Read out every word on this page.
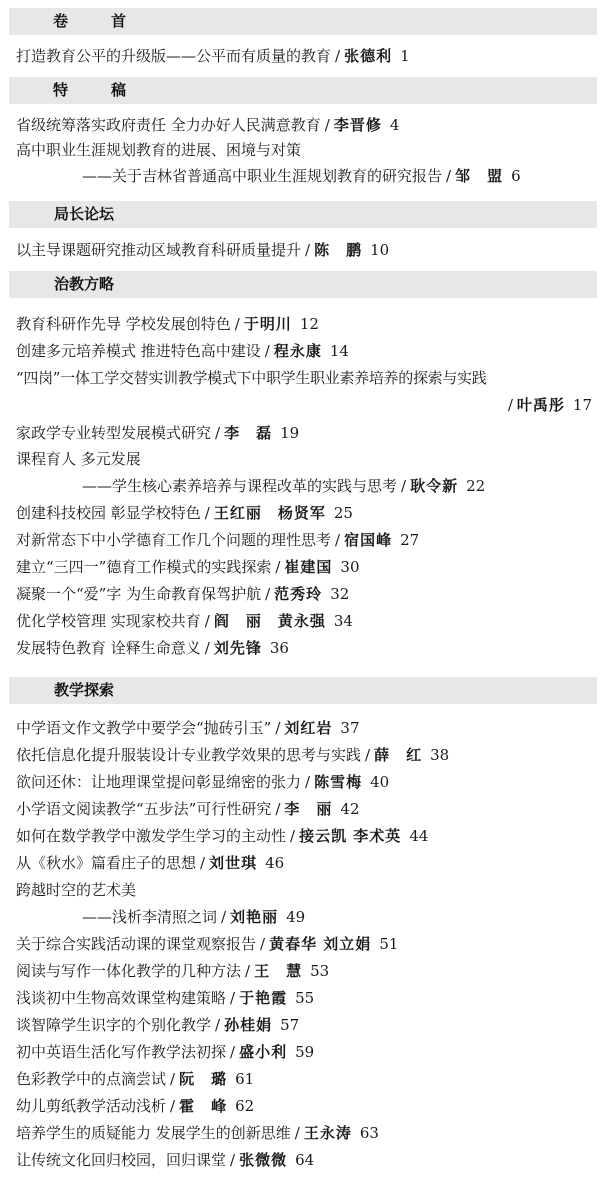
卷　首
特　稿
局长论坛
治教方略
教学探索
打造教育公平的升级版——公平而有质量的教育 / 张德利 1
省级统筹落实政府责任 全力办好人民满意教育 / 李晋修 4
高中职业生涯规划教育的进展、困境与对策
——关于吉林省普通高中职业生涯规划教育的研究报告 / 邹　盟 6
以主导课题研究推动区域教育科研质量提升 / 陈　鹏 10
教育科研作先导 学校发展创特色 / 于明川 12
创建多元培养模式 推进特色高中建设 / 程永康 14
“四岗”一体工学交替实训教学模式下中职学生职业素养培养的探索与实践
/ 叶禹彤 17
家政学专业转型发展模式研究 / 李　磊 19
课程育人 多元发展
——学生核心素养培养与课程改革的实践与思考 / 耿令新 22
创建科技校园 彰显学校特色 / 王红丽　杨贤军 25
对新常态下中小学德育工作几个问题的理性思考 / 宿国峰 27
建立“三四一”德育工作模式的实践探索 / 崔建国 30
凝聚一个“爱”字 为生命教育保驾护航 / 范秀玲 32
优化学校管理 实现家校共育 / 阎　丽　黄永强 34
发展特色教育 诠释生命意义 / 刘先锋 36
中学语文作文教学中要学会“抛砖引玉” / 刘红岩 37
依托信息化提升服装设计专业教学效果的思考与实践 / 薛　红 38
欲问还休：让地理课堂提问彰显绵密的张力 / 陈雪梅 40
小学语文阅读教学“五步法”可行性研究 / 李　丽 42
如何在数学教学中激发学生学习的主动性 / 接云凯 李术英 44
从《秋水》篇看庄子的思想 / 刘世琪 46
跨越时空的艺术美
——浅析李清照之词 / 刘艳丽 49
关于综合实践活动课的课堂观察报告 / 黄春华 刘立娟 51
阅读与写作一体化教学的几种方法 / 王　慧 53
浅谈初中生物高效课堂构建策略 / 于艳霞 55
谈智障学生识字的个别化教学 / 孙桂娟 57
初中英语生活化写作教学法初探 / 盛小利 59
色彩教学中的点滴尝试 / 阮　璐 61
幼儿剪纸教学活动浅析 / 霍　峰 62
培养学生的质疑能力 发展学生的创新思维 / 王永涛 63
让传统文化回归校园，回归课堂 / 张微微 64
